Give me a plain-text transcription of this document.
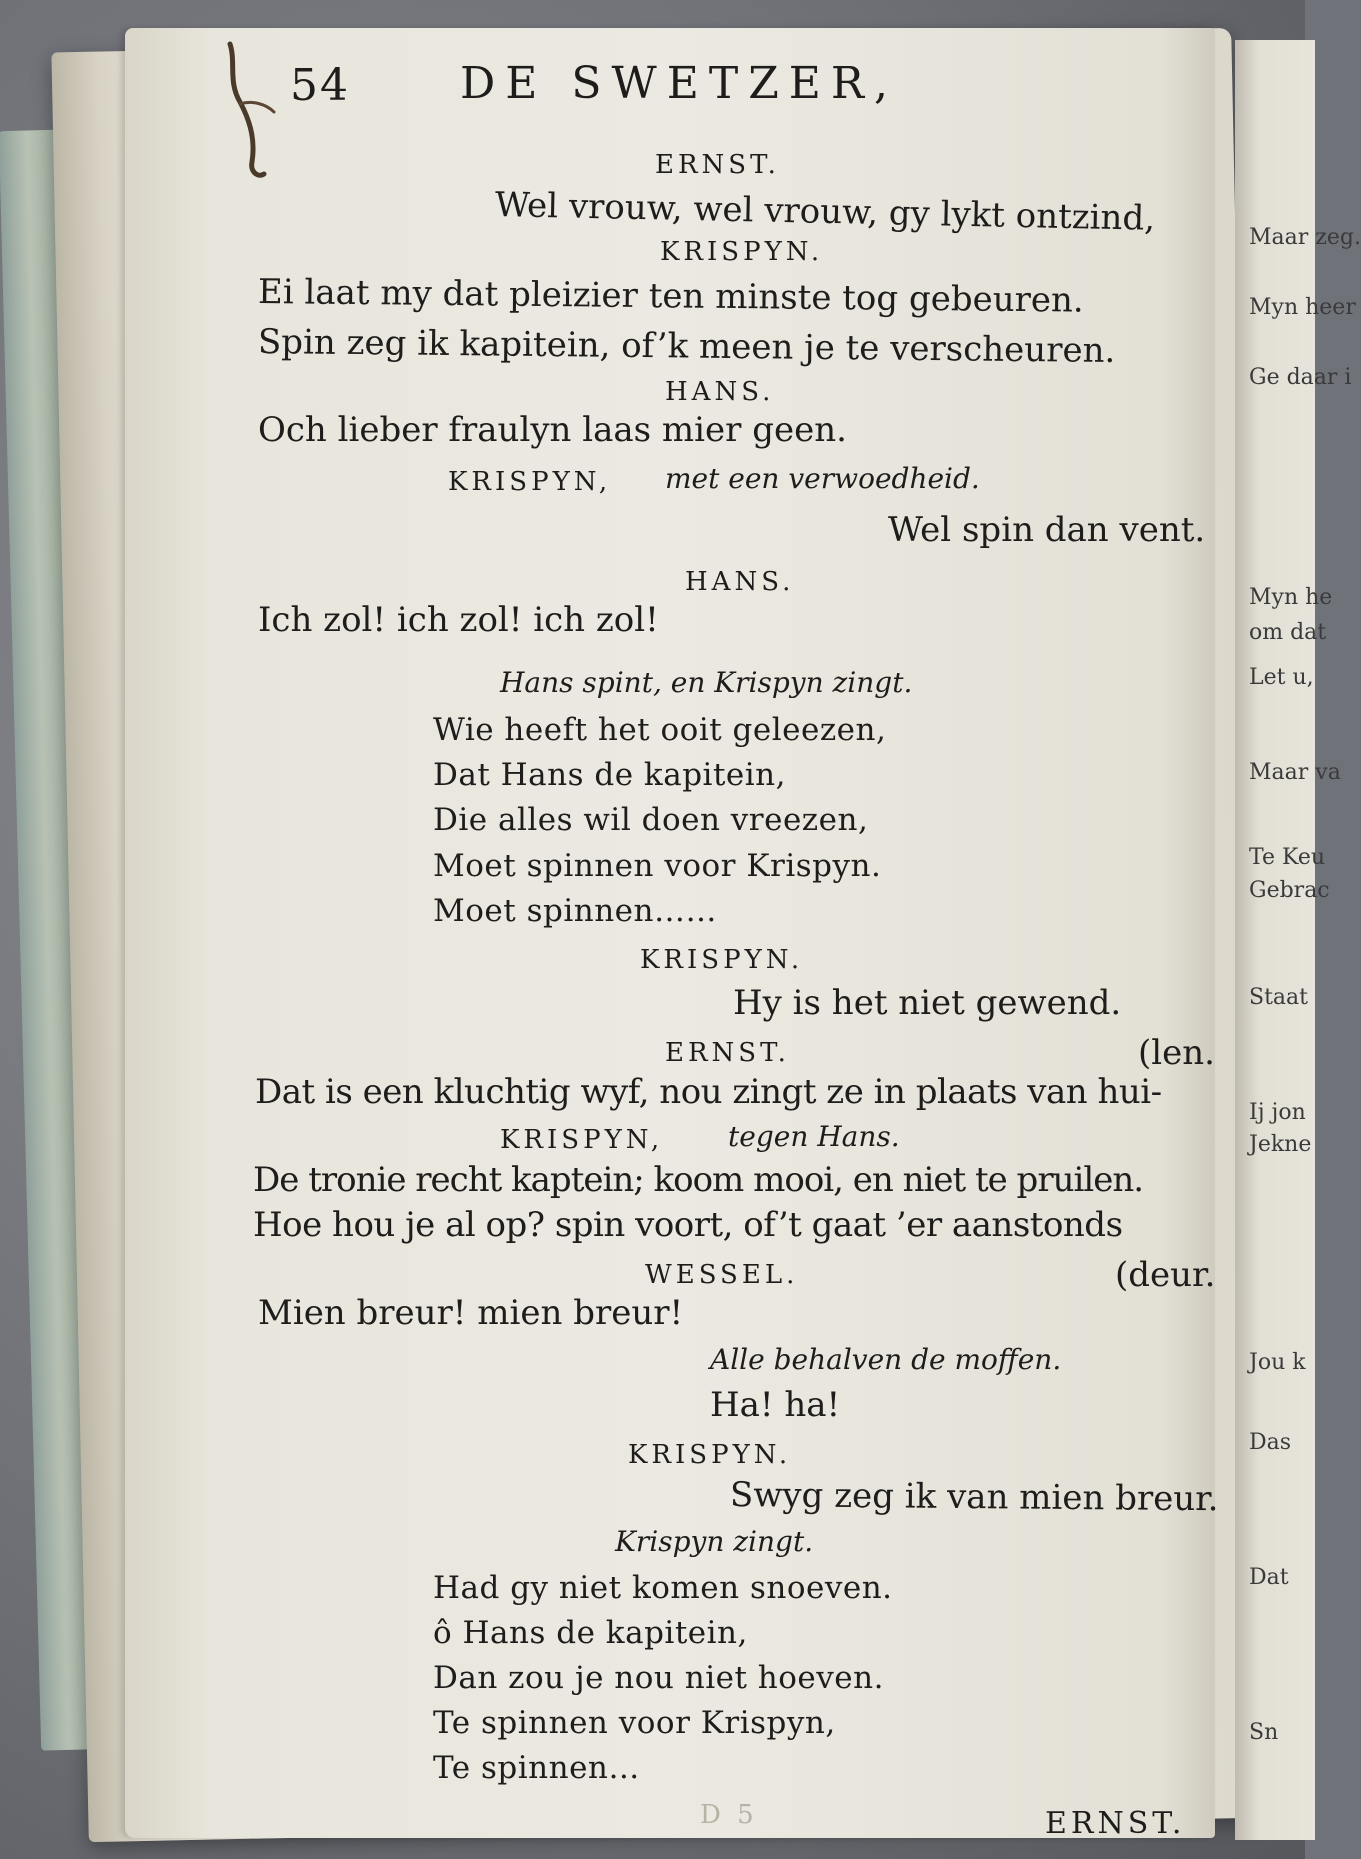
Maar zeg.
Myn heer
Ge daar i
Myn he
om dat
Let u,
Maar va
Te Keu
Gebrac
Staat
Ij jon
Jekne
Jou k
Das
Dat
Sn
54	DE SWETZER,
ERNST.
Wel vrouw, wel vrouw, gy lykt ontzind,
KRISPYN.
Ei laat my dat pleizier ten minste tog gebeuren.
Spin zeg ik kapitein, of’k meen je te verscheuren.
HANS.
Och lieber fraulyn laas mier geen.
KRISPYN, met een verwoedheid.
Wel spin dan vent.
HANS.
Ich zol! ich zol! ich zol!
Hans spint, en Krispyn zingt.
Wie heeft het ooit geleezen,
Dat Hans de kapitein,
Die alles wil doen vreezen,
Moet spinnen voor Krispyn.
Moet spinnen……
KRISPYN.
Hy is het niet gewend.
ERNST.	(len.
Dat is een kluchtig wyf, nou zingt ze in plaats van hui-
KRISPYN, tegen Hans.
De tronie recht kaptein; koom mooi, en niet te pruilen.
Hoe hou je al op? spin voort, of’t gaat ’er aanstonds
WESSEL.	(deur.
Mien breur! mien breur!
Alle behalven de moffen.
Ha! ha!
KRISPYN.
Swyg zeg ik van mien breur.
Krispyn zingt.
Had gy niet komen snoeven.
ô Hans de kapitein,
Dan zou je nou niet hoeven.
Te spinnen voor Krispyn,
Te spinnen…
D 5	ERNST.
